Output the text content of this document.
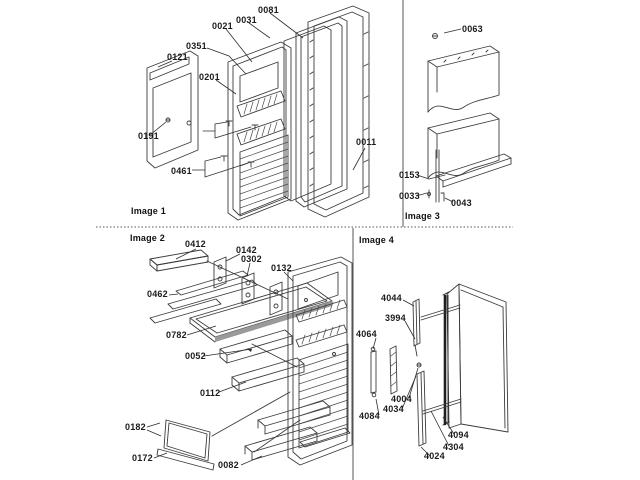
Image 1	Image 3
Image 2	Image 4
0081
0031
0021
0351
0121
0201
0191
0461
0011
0063
0153
0033
0043
0412
0142
0302
0132
0462
0782
0052
0112
0182
0172
0082
4044
3994
4064
4004
4034
4084
4094
4304
4024
